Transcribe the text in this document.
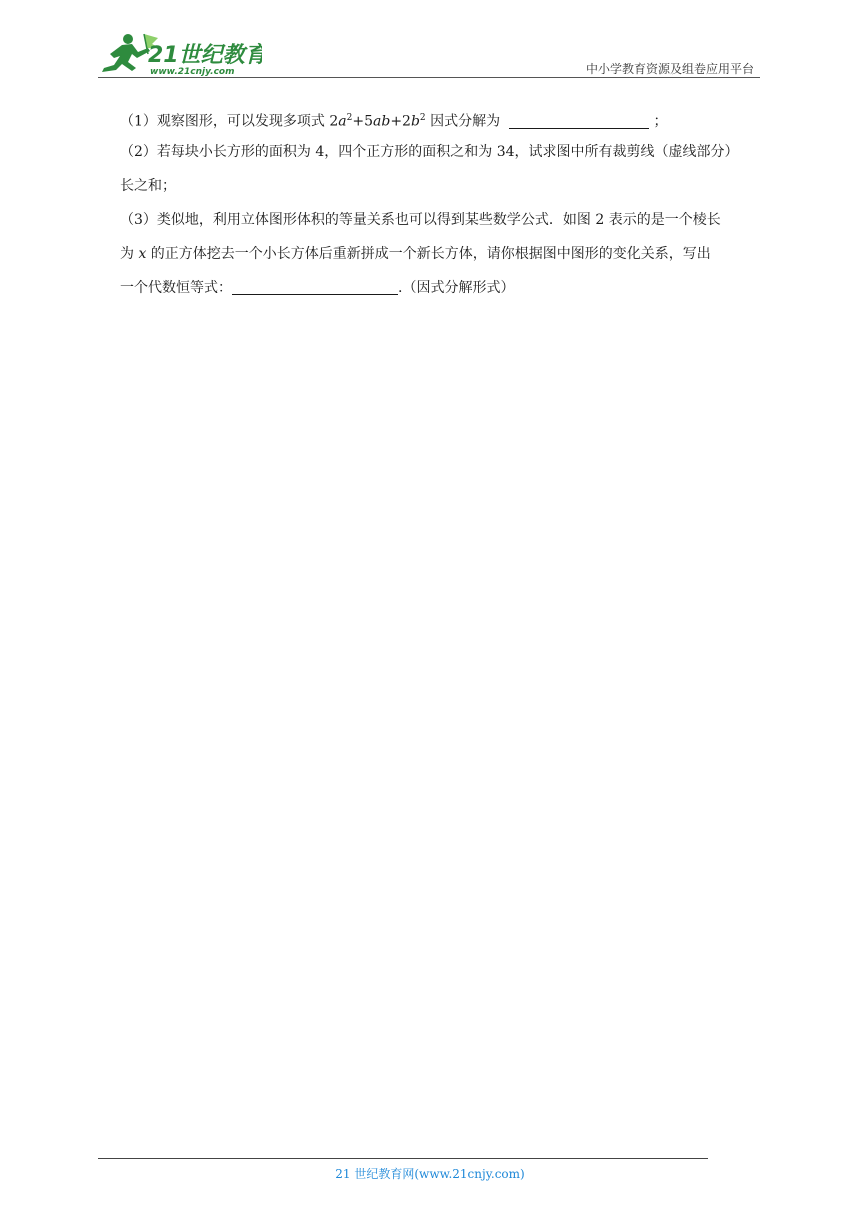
21世纪教育
www.21cnjy.com	中小学教育资源及组卷应用平台
（1）观察图形，可以发现多项式 $2a^2+5ab+2b^2$ 因式分解为	；
（2）若每块小长方形的面积为 4，四个正方形的面积之和为 34，试求图中所有裁剪线（虚线部分）
长之和；
（3）类似地，利用立体图形体积的等量关系也可以得到某些数学公式．如图 2 表示的是一个棱长
为 x 的正方体挖去一个小长方体后重新拼成一个新长方体，请你根据图中图形的变化关系，写出
一个代数恒等式：	.（因式分解形式）
21 世纪教育网(www.21cnjy.com)
